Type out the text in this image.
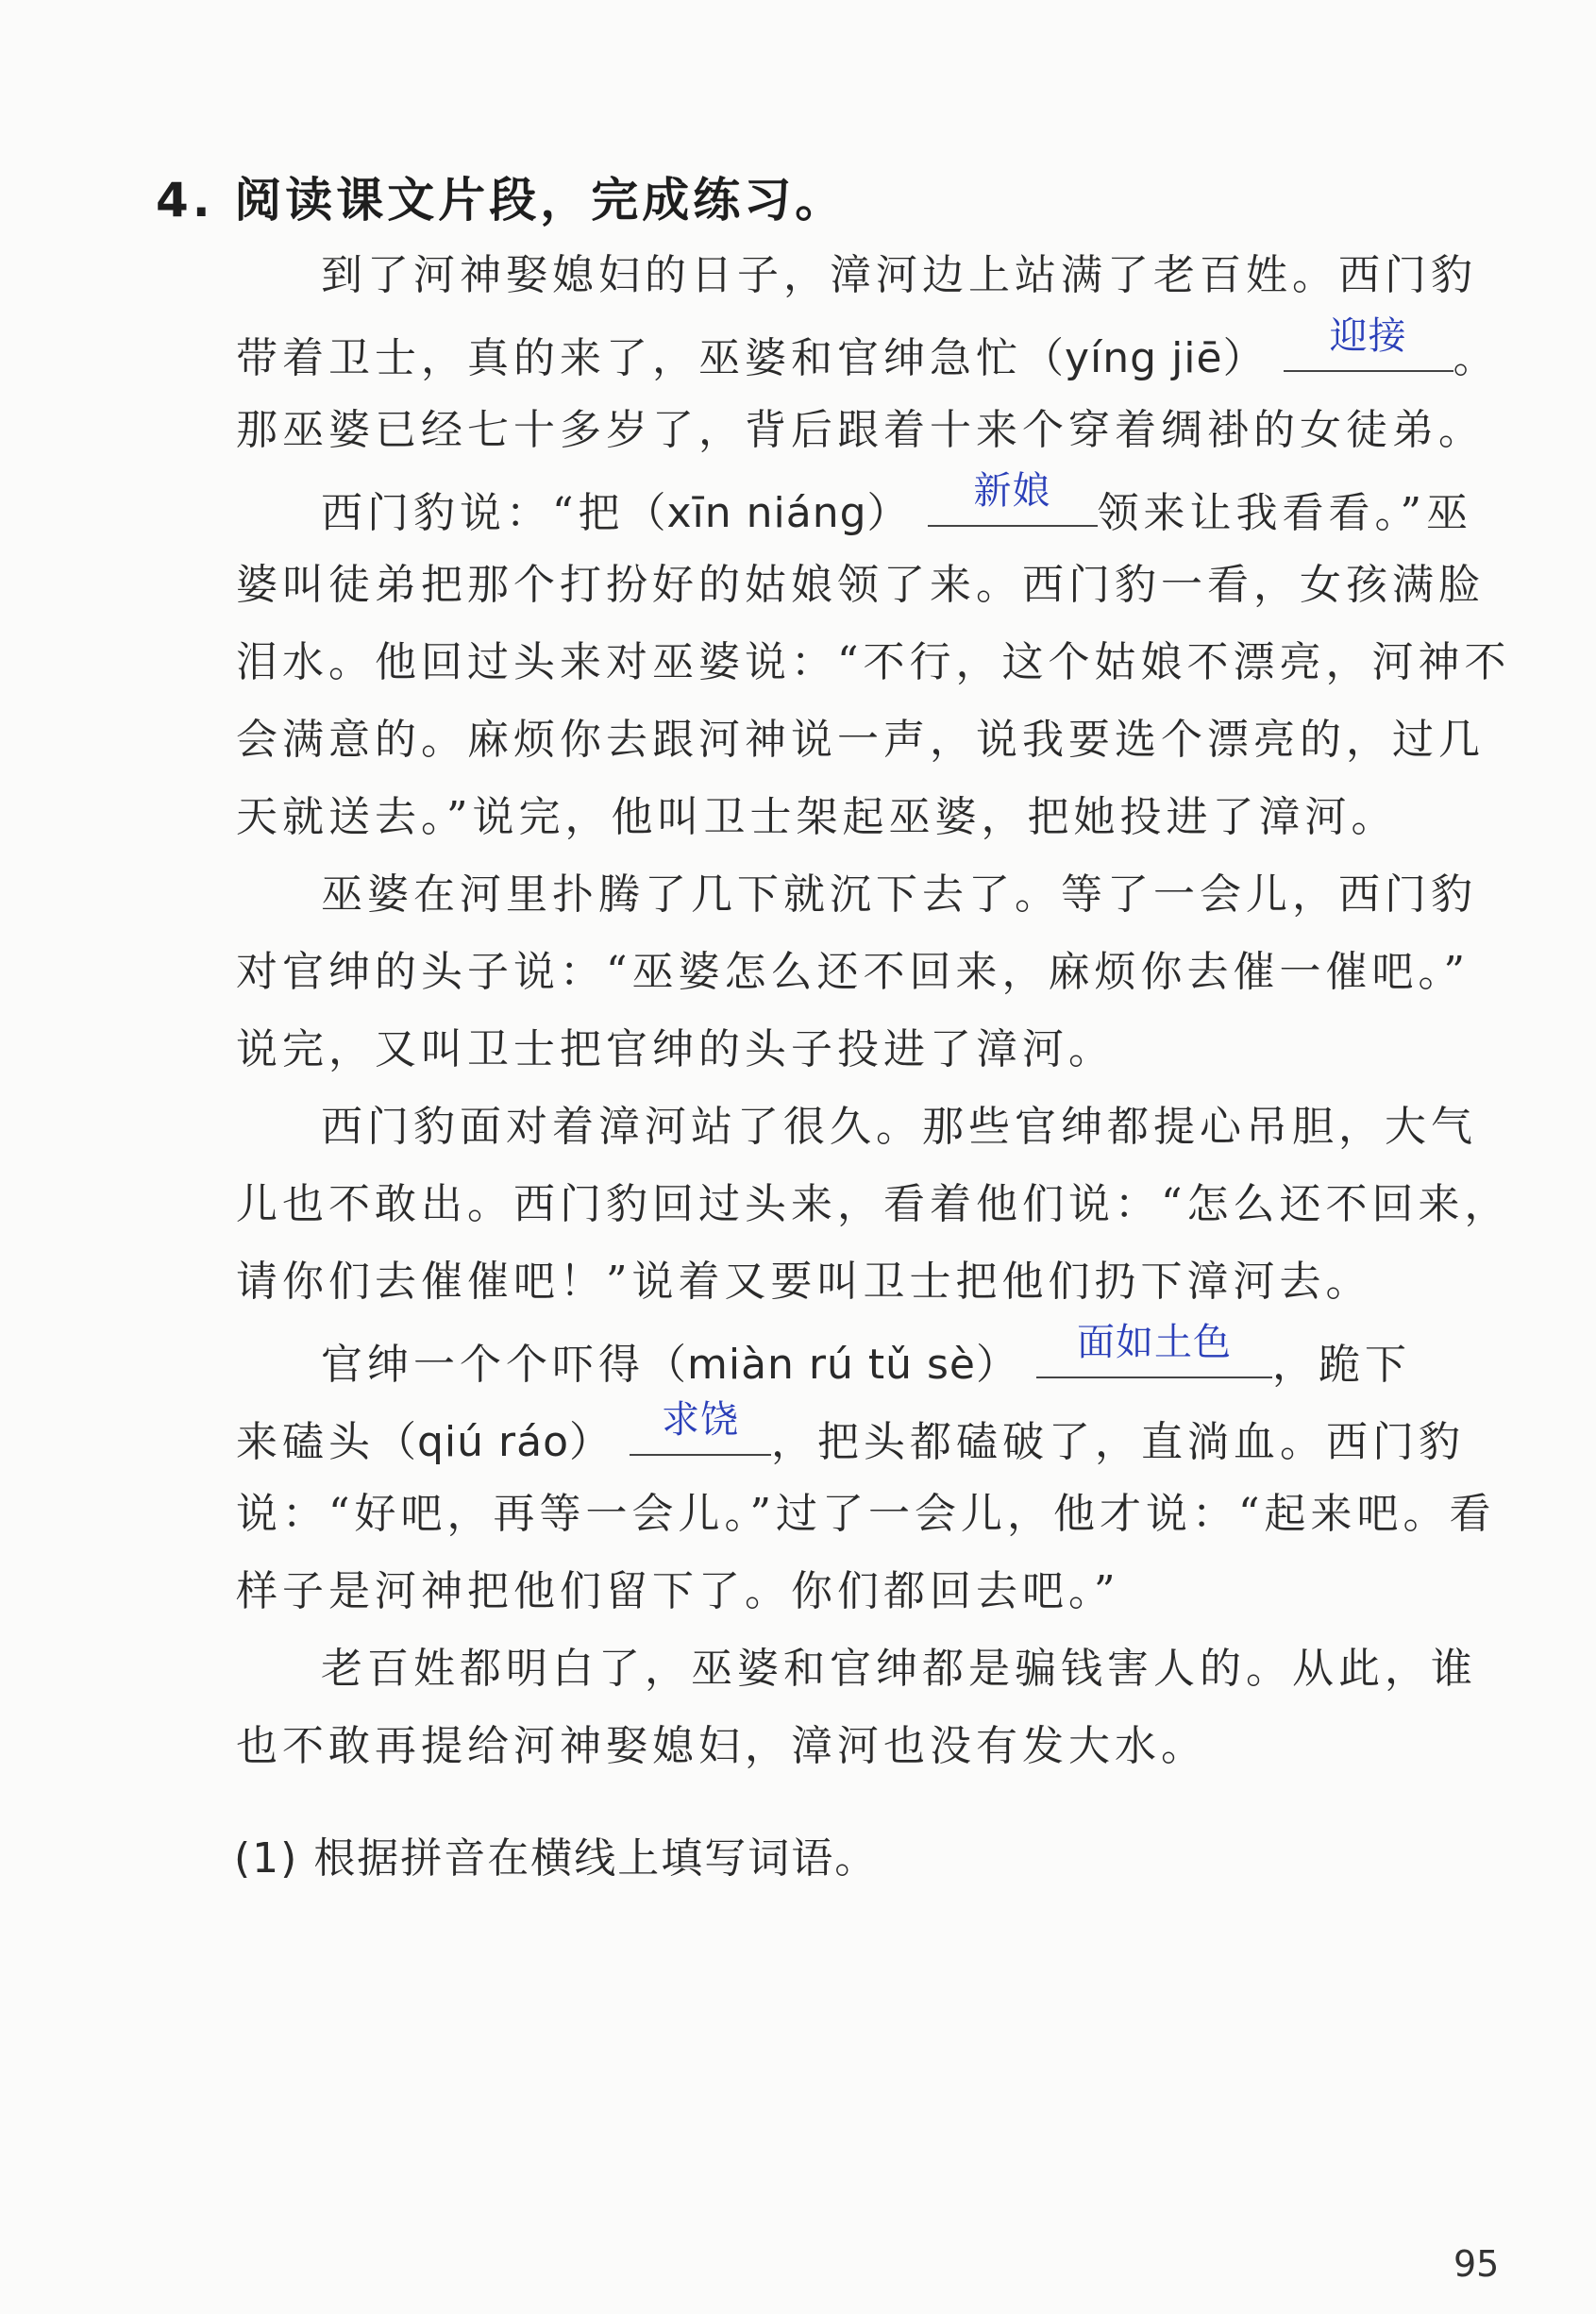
4. 阅读课文片段，完成练习。
到了河神娶媳妇的日子，漳河边上站满了老百姓。西门豹
带着卫士，真的来了，巫婆和官绅急忙（yíng jiē）	迎接	。
那巫婆已经七十多岁了，背后跟着十来个穿着绸褂的女徒弟。
西门豹说：“把（xīn niáng）	新娘	领来让我看看。”巫
婆叫徒弟把那个打扮好的姑娘领了来。西门豹一看，女孩满脸
泪水。他回过头来对巫婆说：“不行，这个姑娘不漂亮，河神不
会满意的。麻烦你去跟河神说一声，说我要选个漂亮的，过几
天就送去。”说完，他叫卫士架起巫婆，把她投进了漳河。
巫婆在河里扑腾了几下就沉下去了。等了一会儿，西门豹
对官绅的头子说：“巫婆怎么还不回来，麻烦你去催一催吧。”
说完，又叫卫士把官绅的头子投进了漳河。
西门豹面对着漳河站了很久。那些官绅都提心吊胆，大气
儿也不敢出。西门豹回过头来，看着他们说：“怎么还不回来，
请你们去催催吧！”说着又要叫卫士把他们扔下漳河去。
官绅一个个吓得（miàn rú tǔ sè）	面如土色 ，跪下
来磕头（qiú ráo）	求饶 ，把头都磕破了，直淌血。西门豹
说：“好吧，再等一会儿。”过了一会儿，他才说：“起来吧。看
样子是河神把他们留下了。你们都回去吧。”
老百姓都明白了，巫婆和官绅都是骗钱害人的。从此，谁
也不敢再提给河神娶媳妇，漳河也没有发大水。
(1) 根据拼音在横线上填写词语。
95
